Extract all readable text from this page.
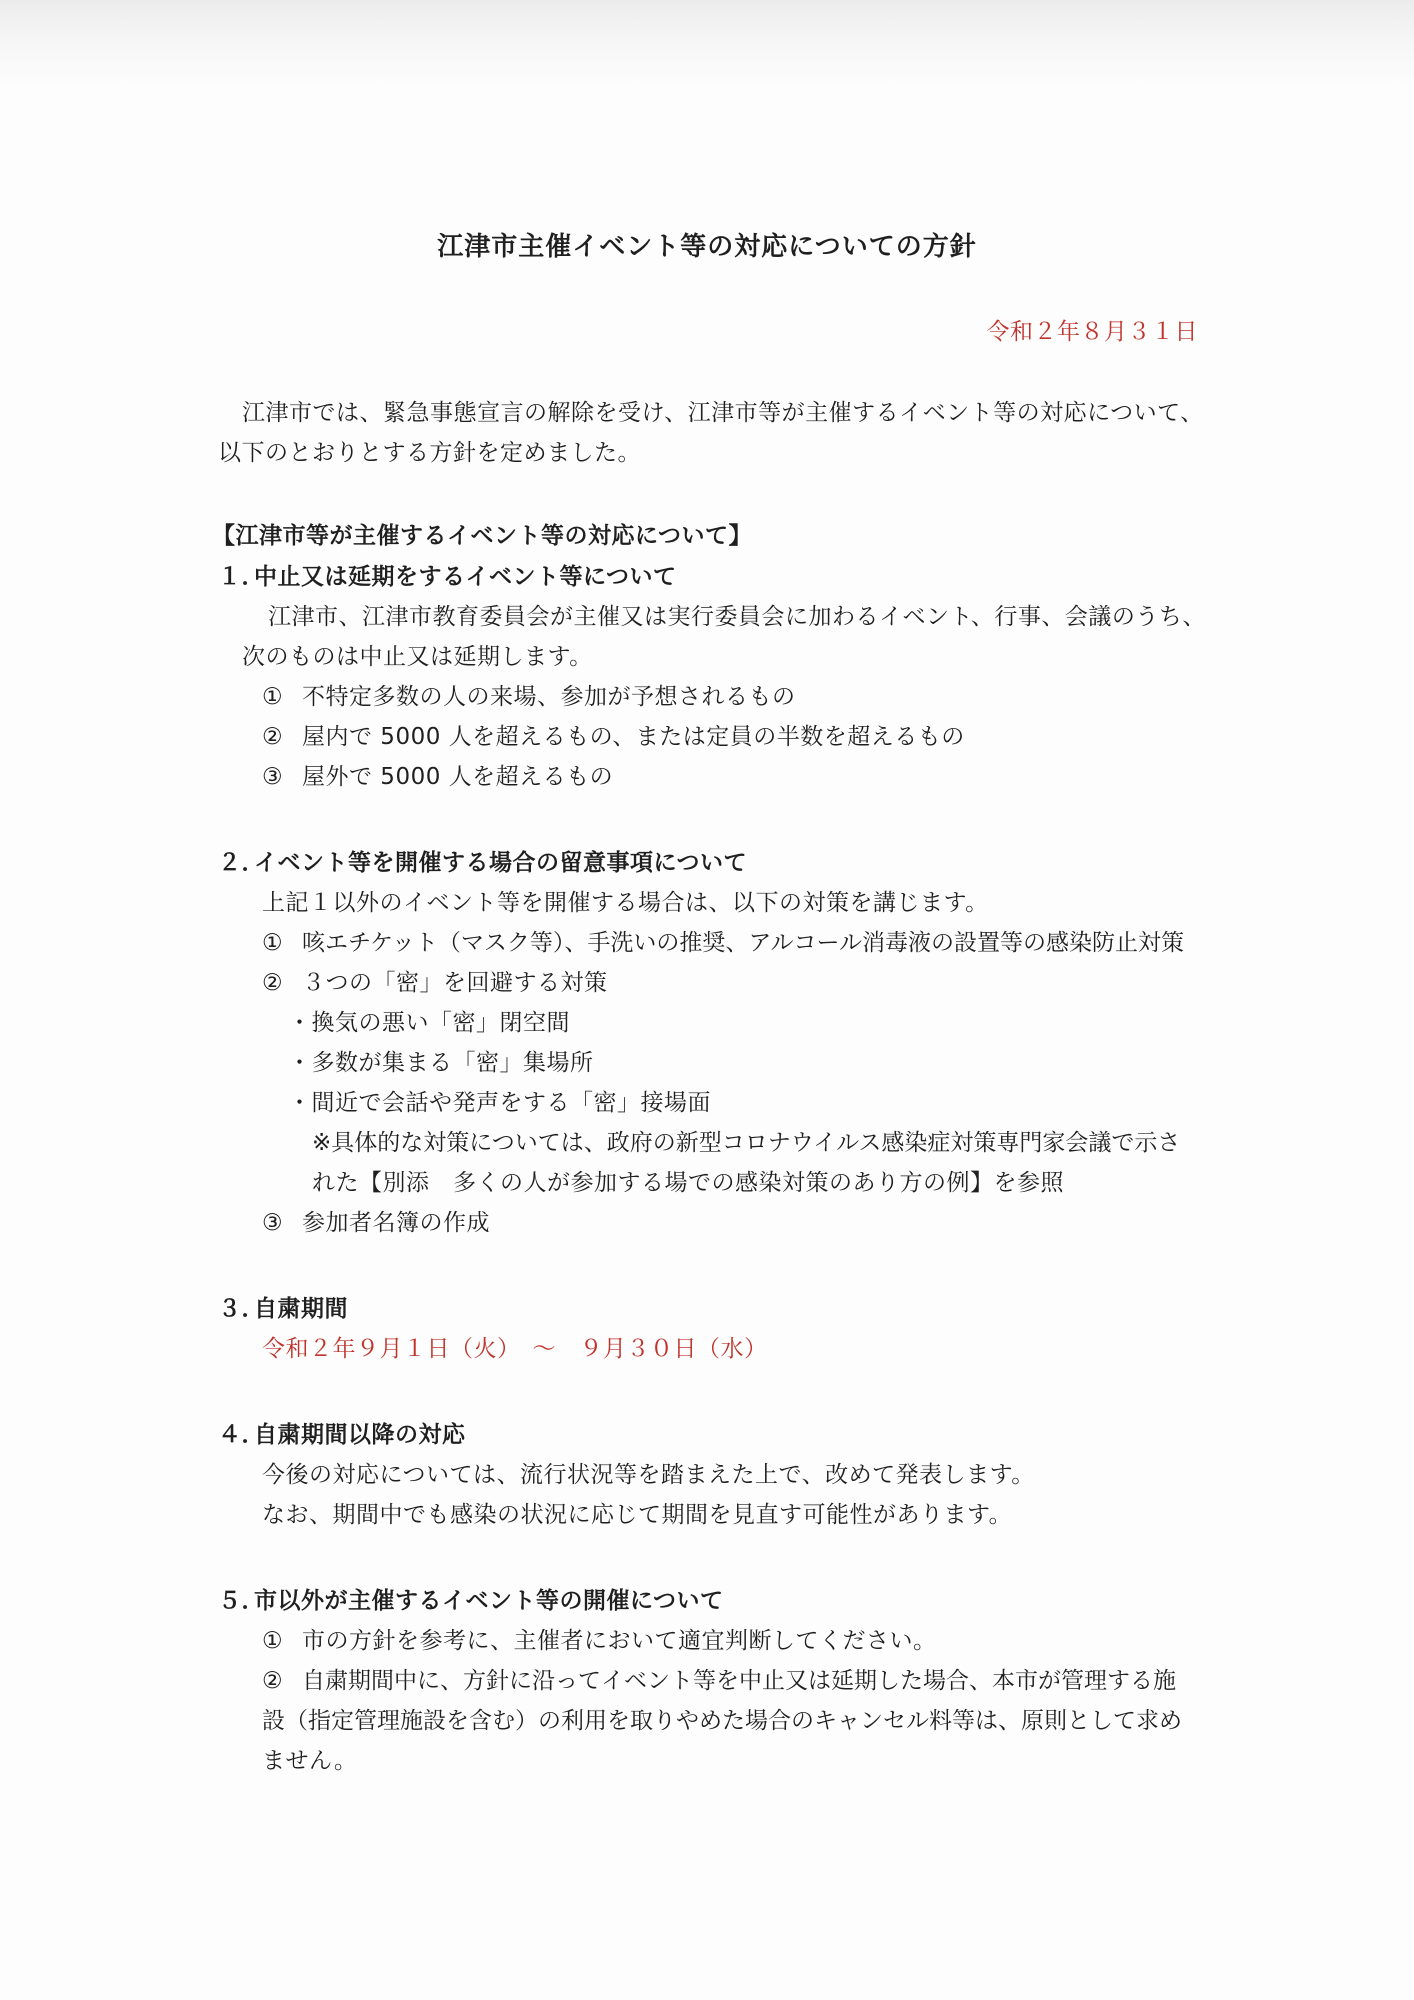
江津市主催イベント等の対応についての方針
令和２年８月３１日
江津市では、緊急事態宣言の解除を受け、江津市等が主催するイベント等の対応について、
以下のとおりとする方針を定めました。
【江津市等が主催するイベント等の対応について】
１．中止又は延期をするイベント等について
江津市、江津市教育委員会が主催又は実行委員会に加わるイベント、行事、会議のうち、
次のものは中止又は延期します。
① 不特定多数の人の来場、参加が予想されるもの
② 屋内で 5000 人を超えるもの、または定員の半数を超えるもの
③ 屋外で 5000 人を超えるもの
２．イベント等を開催する場合の留意事項について
上記１以外のイベント等を開催する場合は、以下の対策を講じます。
① 咳エチケット（マスク等）、手洗いの推奨、アルコール消毒液の設置等の感染防止対策
② ３つの「密」を回避する対策
・換気の悪い「密」閉空間
・多数が集まる「密」集場所
・間近で会話や発声をする「密」接場面
※具体的な対策については、政府の新型コロナウイルス感染症対策専門家会議で示さ
れた【別添　多くの人が参加する場での感染対策のあり方の例】を参照
③ 参加者名簿の作成
３．自粛期間
令和２年９月１日（火）　～　９月３０日（水）
４．自粛期間以降の対応
今後の対応については、流行状況等を踏まえた上で、改めて発表します。
なお、期間中でも感染の状況に応じて期間を見直す可能性があります。
５．市以外が主催するイベント等の開催について
① 市の方針を参考に、主催者において適宜判断してください。
② 自粛期間中に、方針に沿ってイベント等を中止又は延期した場合、本市が管理する施
設（指定管理施設を含む）の利用を取りやめた場合のキャンセル料等は、原則として求め
ません。
